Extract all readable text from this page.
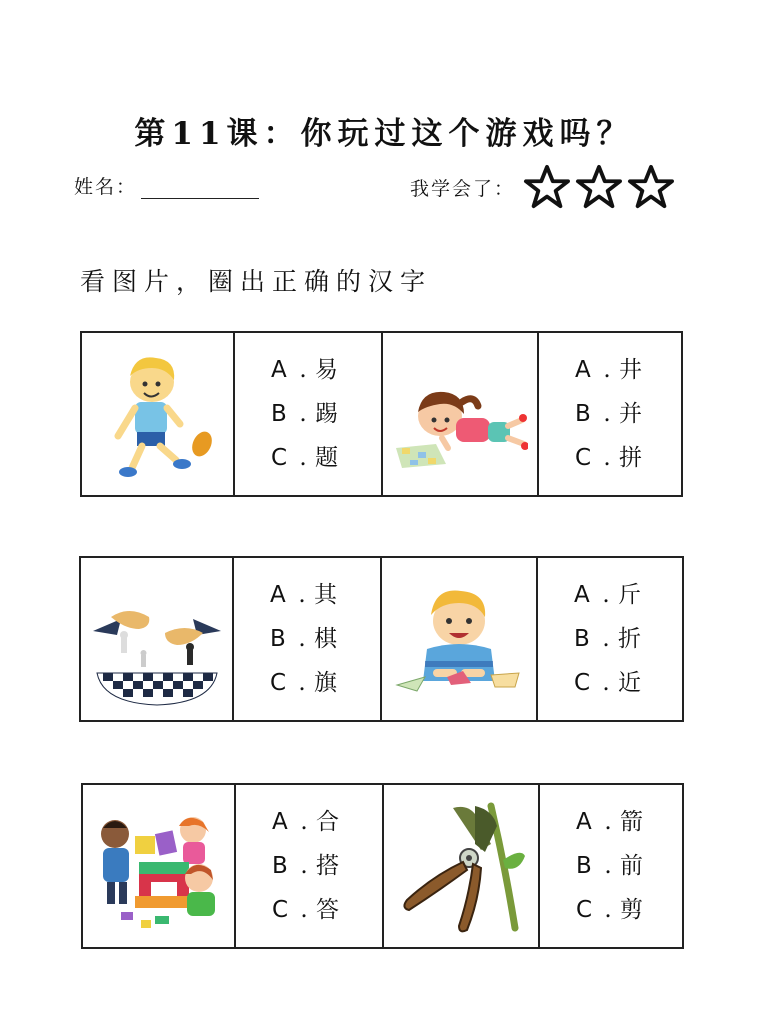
第11课：你玩过这个游戏吗？
姓名：	我学会了：
看图片，圈出正确的汉字
A . 易
B . 踢
C . 题
A . 井
B . 并
C . 拼
A . 其
B . 棋
C . 旗
A . 斤
B . 折
C . 近
A . 合
B . 搭
C . 答
A . 箭
B . 前
C . 剪
